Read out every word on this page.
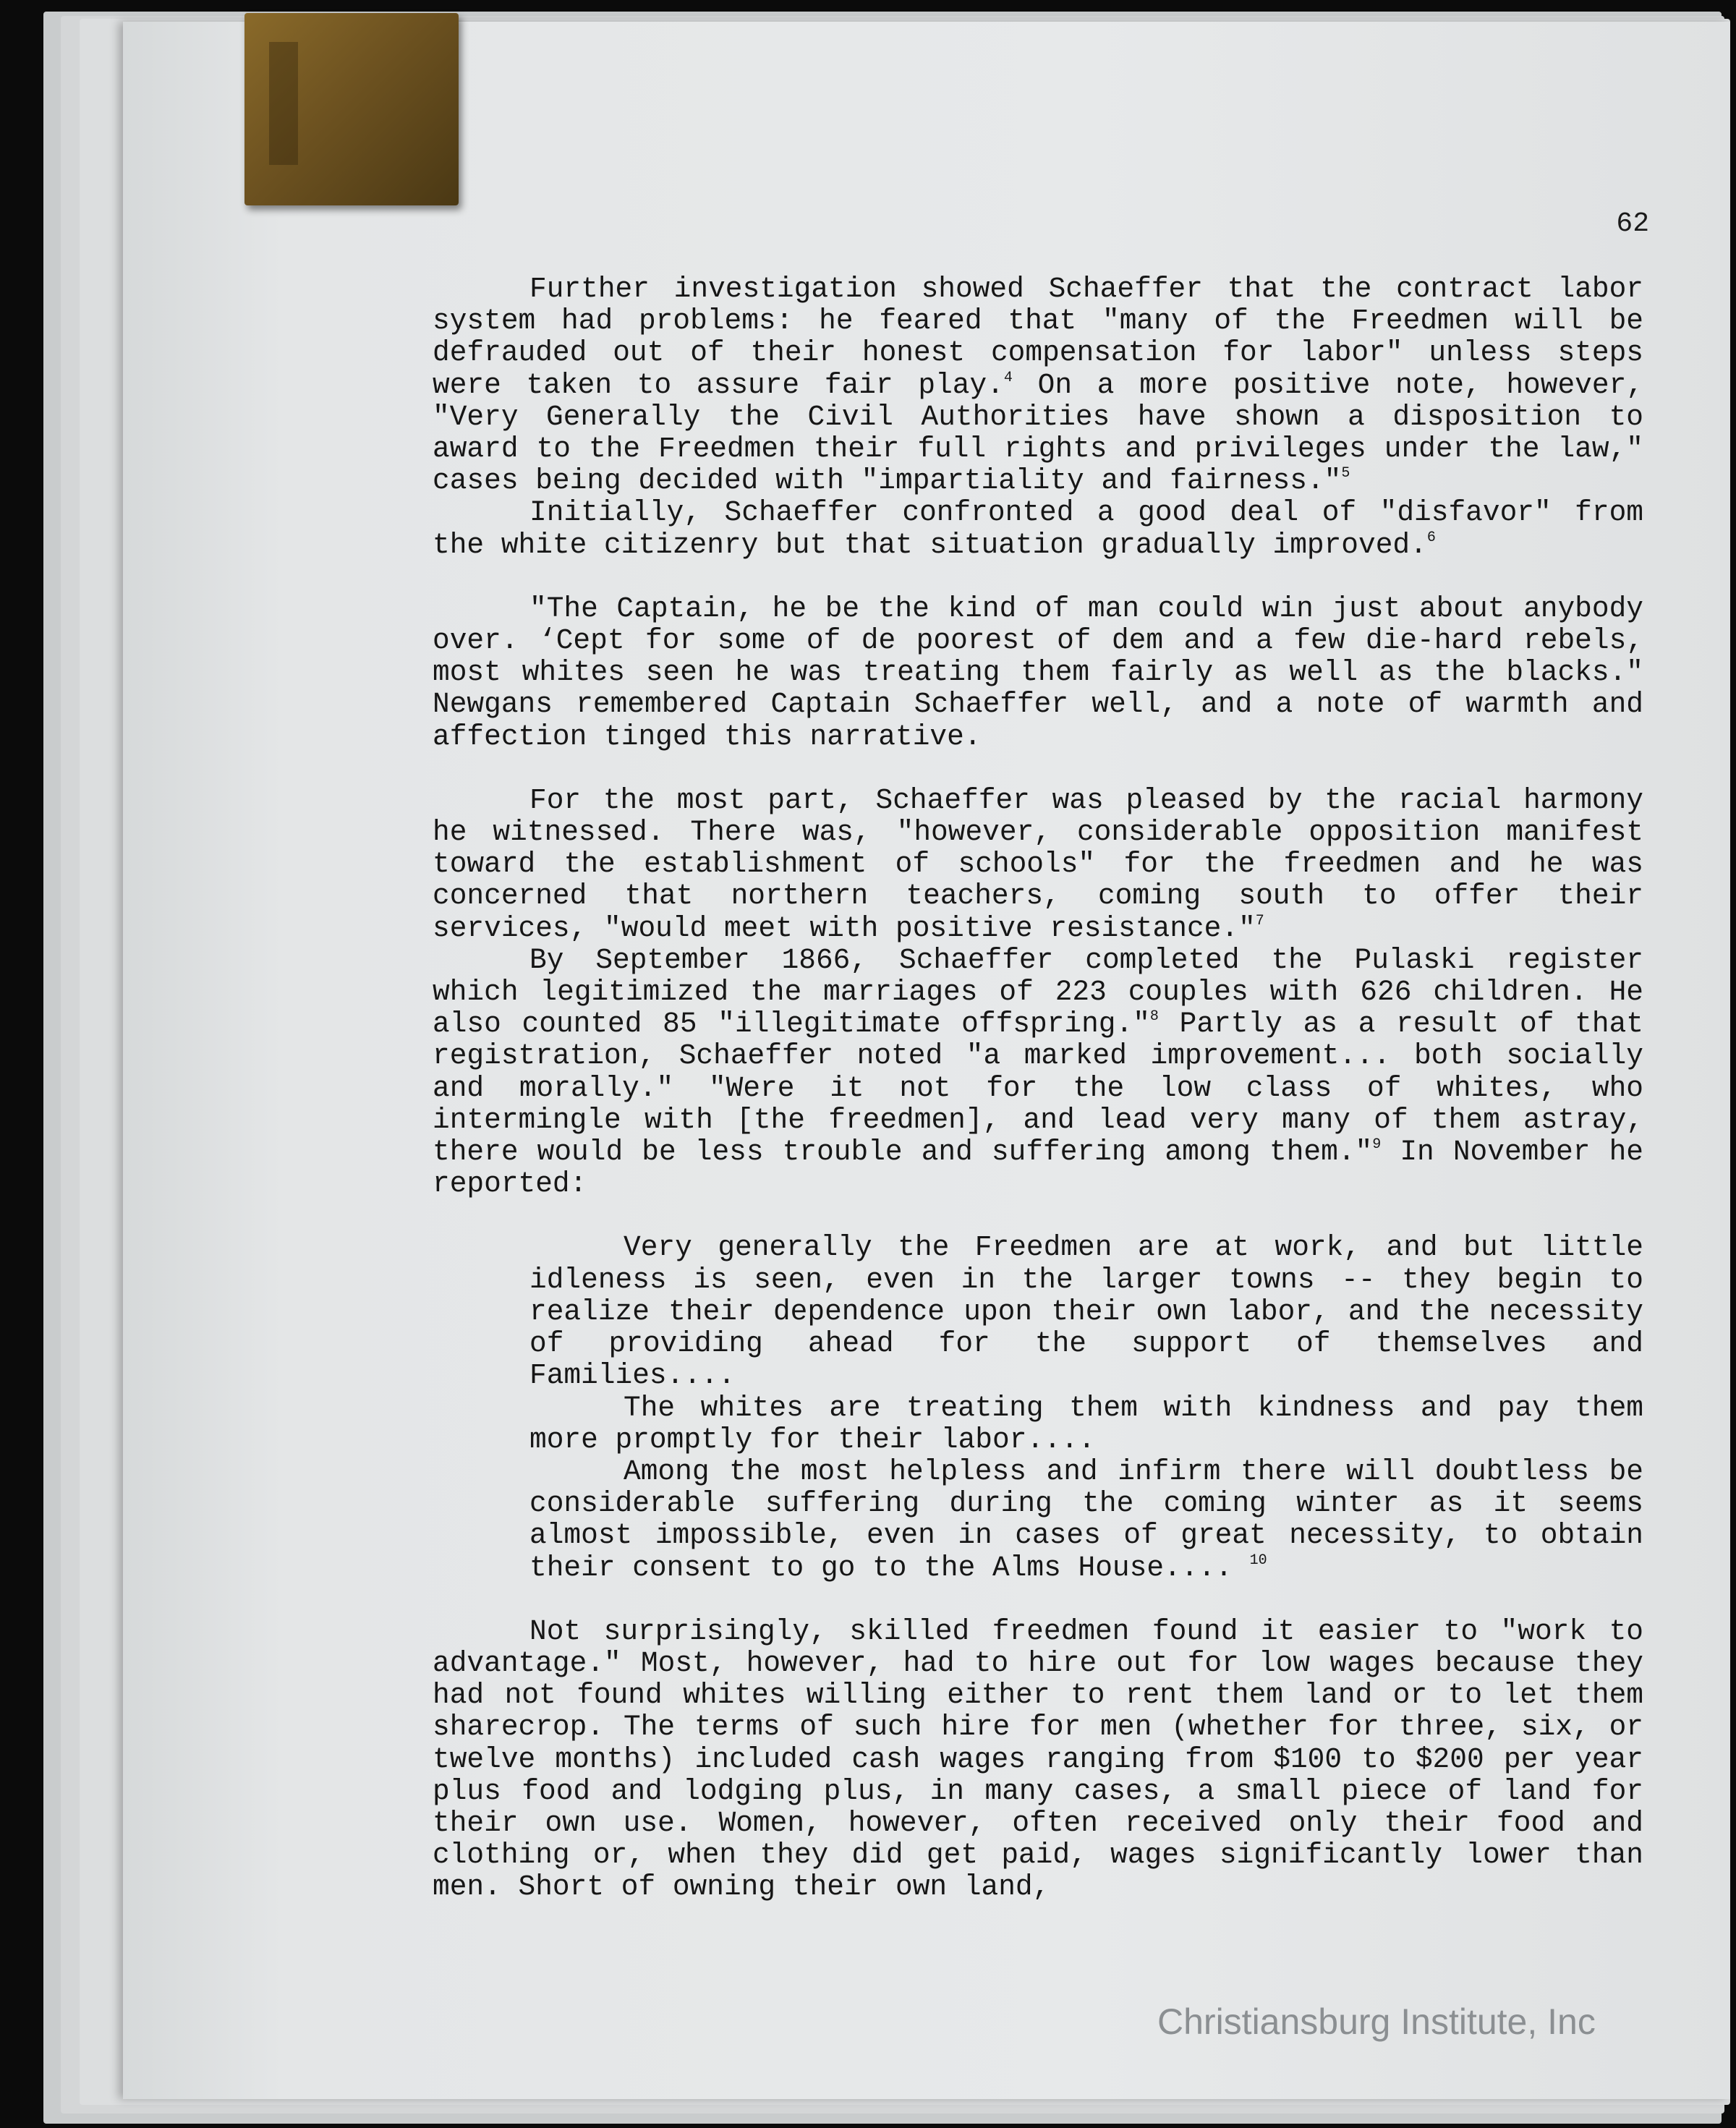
62

Further investigation showed Schaeffer that the contract labor system had problems: he feared that "many of the Freedmen will be defrauded out of their honest compensation for labor" unless steps were taken to assure fair play.$^4$ On a more positive note, however, "Very Generally the Civil Authorities have shown a disposition to award to the Freedmen their full rights and privileges under the law," cases being decided with "impartiality and fairness."$^5$

Initially, Schaeffer confronted a good deal of "disfavor" from the white citizenry but that situation gradually improved.$^6$

"The Captain, he be the kind of man could win just about anybody over. ‘Cept for some of de poorest of dem and a few die-hard rebels, most whites seen he was treating them fairly as well as the blacks." Newgans remembered Captain Schaeffer well, and a note of warmth and affection tinged this narrative.

For the most part, Schaeffer was pleased by the racial harmony he witnessed. There was, "however, considerable opposition manifest toward the establishment of schools" for the freedmen and he was concerned that northern teachers, coming south to offer their services, "would meet with positive resistance."$^7$

By September 1866, Schaeffer completed the Pulaski register which legitimized the marriages of 223 couples with 626 children. He also counted 85 "illegitimate offspring."$^8$ Partly as a result of that registration, Schaeffer noted "a marked improvement... both socially and morally." "Were it not for the low class of whites, who intermingle with [the freedmen], and lead very many of them astray, there would be less trouble and suffering among them."$^9$ In November he reported:

Very generally the Freedmen are at work, and but little idleness is seen, even in the larger towns -- they begin to realize their dependence upon their own labor, and the necessity of providing ahead for the support of themselves and Families....

The whites are treating them with kindness and pay them more promptly for their labor....

Among the most helpless and infirm there will doubtless be considerable suffering during the coming winter as it seems almost impossible, even in cases of great necessity, to obtain their consent to go to the Alms House.... $^{10}$

Not surprisingly, skilled freedmen found it easier to "work to advantage." Most, however, had to hire out for low wages because they had not found whites willing either to rent them land or to let them sharecrop. The terms of such hire for men (whether for three, six, or twelve months) included cash wages ranging from $100 to $200 per year plus food and lodging plus, in many cases, a small piece of land for their own use. Women, however, often received only their food and clothing or, when they did get paid, wages significantly lower than men. Short of owning their own land,

Christiansburg Institute, Inc
